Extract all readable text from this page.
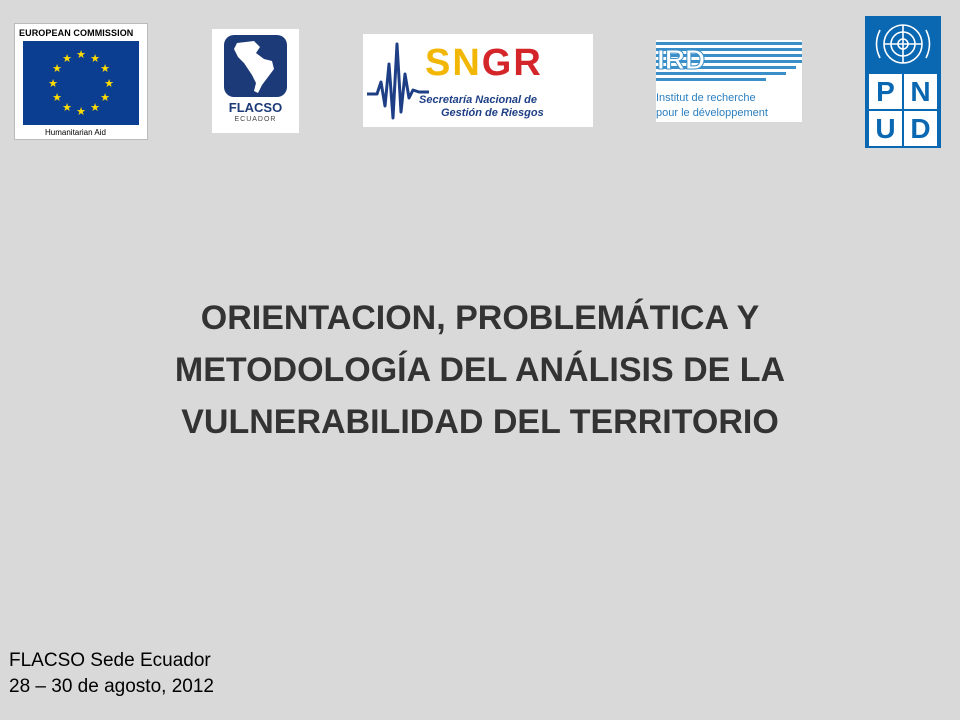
EUROPEAN COMMISSION
★ ★
★
★
★
★
★
★
★
★
★
★
Humanitarian Aid
FLACSO
ECUADOR
SNGR
Secretaría Nacional de
Gestión de Riesgos
IRD
Institut de recherche
pour le développement
P N
U D
ORIENTACION, PROBLEMÁTICA Y
METODOLOGÍA DEL ANÁLISIS DE LA
VULNERABILIDAD DEL TERRITORIO
FLACSO Sede Ecuador
28 – 30 de agosto, 2012
